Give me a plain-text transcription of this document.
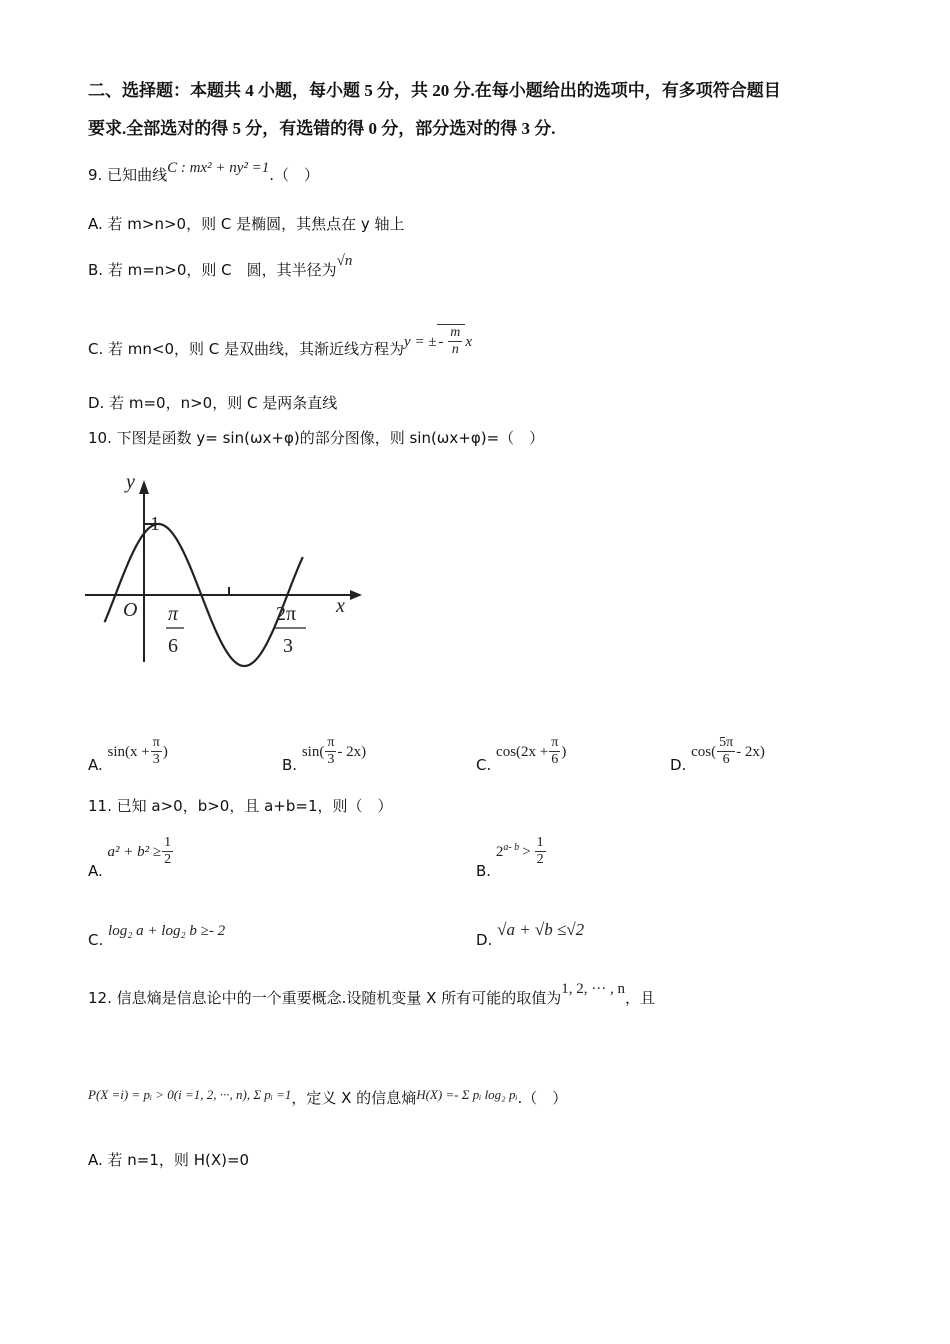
二、选择题：本题共 4 小题，每小题 5 分，共 20 分.在每小题给出的选项中，有多项符合题目
要求.全部选对的得 5 分，有选错的得 0 分，部分选对的得 3 分.
9. 已知曲线C : mx² + ny² =1.（　）
A. 若 m>n>0，则 C 是椭圆，其焦点在 y 轴上
B. 若 m=n>0，则 C　圆，其半径为√n
C. 若 mn<0，则 C 是双曲线，其渐近线方程为y = ± - $\frac{m}{n}$ x
D. 若 m=0，n>0，则 C 是两条直线
10. 下图是函数 y= sin(ωx+φ)的部分图像，则 sin(ωx+φ)=（　）
y
x
O
1
π
6
2π
3
A. $\sin(x + \frac{\pi}{3}$ )
B. $\sin( \frac{\pi}{3} - 2x)$
C. $\cos(2x + \frac{\pi}{6}$ )
D. $\cos( \frac{5\pi}{6} - 2x)$
11. 已知 a>0，b>0，且 a+b=1，则（　）
A. $a^2 + b^2 \ge \frac{1}{2}$
B. $2^{a- b} > \frac{1}{2}$
C. log₂ a + log₂ b ≥- 2	D. √a + √b ≤√2
12. 信息熵是信息论中的一个重要概念.设随机变量 X 所有可能的取值为1, 2, ··· , n，且
P(X =i) = pᵢ > 0(i =1, 2, ···, n), Σ pᵢ =1，定义 X 的信息熵H(X) =- Σ pᵢ log₂ pᵢ.（　）
A. 若 n=1，则 H(X)=0
